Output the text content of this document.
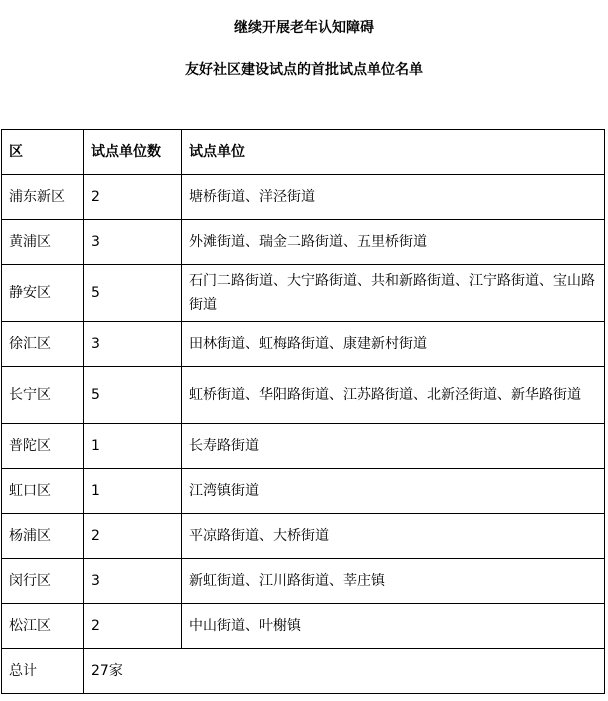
继续开展老年认知障碍
友好社区建设试点的首批试点单位名单
区	试点单位数	试点单位
浦东新区	2	塘桥街道、洋泾街道
黄浦区	3	外滩街道、瑞金二路街道、五里桥街道
静安区	5	石门二路街道、大宁路街道、共和新路街道、江宁路街道、宝山路街道
徐汇区	3	田林街道、虹梅路街道、康建新村街道
长宁区	5	虹桥街道、华阳路街道、江苏路街道、北新泾街道、新华路街道
普陀区	1	长寿路街道
虹口区	1	江湾镇街道
杨浦区	2	平凉路街道、大桥街道
闵行区	3	新虹街道、江川路街道、莘庄镇
松江区	2	中山街道、叶榭镇
总计	27家	
